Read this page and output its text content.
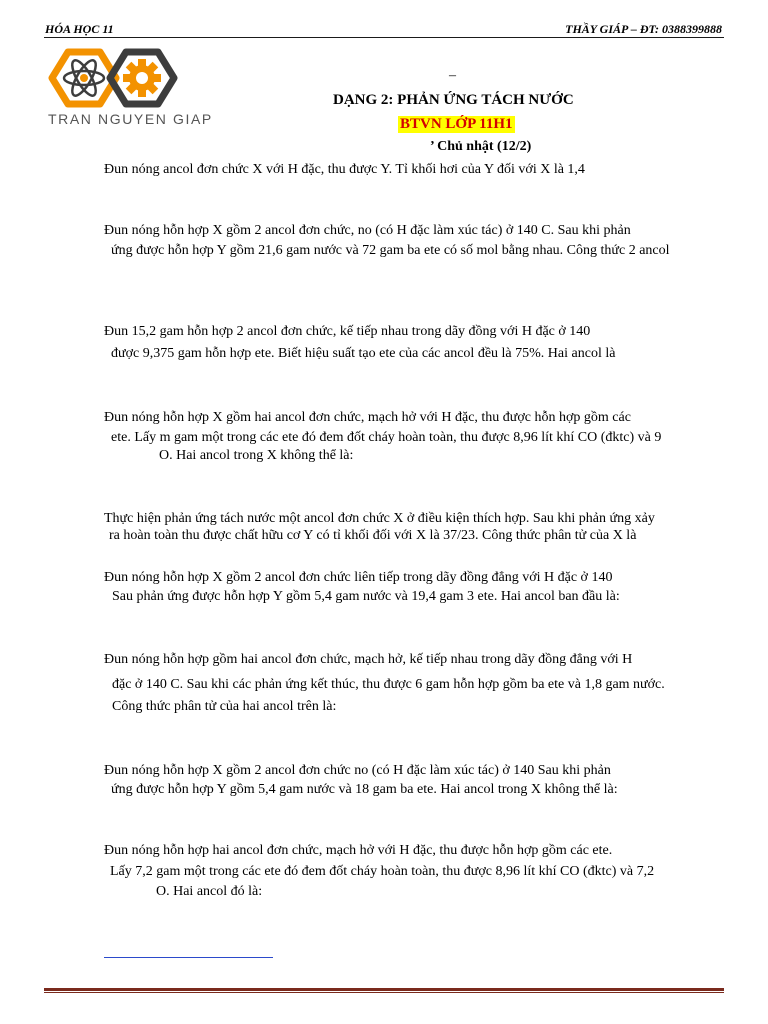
HÓA HỌC 11	THẦY GIÁP – ĐT: 0388399888
TRAN NGUYEN GIAP
–
DẠNG 2: PHẢN ỨNG TÁCH NƯỚC
BTVN LỚP 11H1
’ Chủ nhật (12/2)
Đun nóng ancol đơn chức X với H đặc, thu được Y. Tỉ khối hơi của Y đối với X là 1,4
Đun nóng hỗn hợp X gồm 2 ancol đơn chức, no (có H đặc làm xúc tác) ở 140 C. Sau khi phản
ứng được hỗn hợp Y gồm 21,6 gam nước và 72 gam ba ete có số mol bằng nhau. Công thức 2 ancol
Đun 15,2 gam hỗn hợp 2 ancol đơn chức, kế tiếp nhau trong dãy đồng với H đặc ở 140
được 9,375 gam hỗn hợp ete. Biết hiệu suất tạo ete của các ancol đều là 75%. Hai ancol là
Đun nóng hỗn hợp X gồm hai ancol đơn chức, mạch hở với H đặc, thu được hỗn hợp gồm các
ete. Lấy m gam một trong các ete đó đem đốt cháy hoàn toàn, thu được 8,96 lít khí CO (đktc) và 9
O. Hai ancol trong X không thể là:
Thực hiện phản ứng tách nước một ancol đơn chức X ở điều kiện thích hợp. Sau khi phản ứng xảy
ra hoàn toàn thu được chất hữu cơ Y có tỉ khối đối với X là 37/23. Công thức phân tử của X là
Đun nóng hỗn hợp X gồm 2 ancol đơn chức liên tiếp trong dãy đồng đẳng với H đặc ở 140
Sau phản ứng được hỗn hợp Y gồm 5,4 gam nước và 19,4 gam 3 ete. Hai ancol ban đầu là:
Đun nóng hỗn hợp gồm hai ancol đơn chức, mạch hở, kế tiếp nhau trong dãy đồng đẳng với H
đặc ở 140 C. Sau khi các phản ứng kết thúc, thu được 6 gam hỗn hợp gồm ba ete và 1,8 gam nước.
Công thức phân tử của hai ancol trên là:
Đun nóng hỗn hợp X gồm 2 ancol đơn chức no (có H đặc làm xúc tác) ở 140 Sau khi phản
ứng được hỗn hợp Y gồm 5,4 gam nước và 18 gam ba ete. Hai ancol trong X không thể là:
Đun nóng hỗn hợp hai ancol đơn chức, mạch hở với H đặc, thu được hỗn hợp gồm các ete.
Lấy 7,2 gam một trong các ete đó đem đốt cháy hoàn toàn, thu được 8,96 lít khí CO (đktc) và 7,2
O. Hai ancol đó là:
